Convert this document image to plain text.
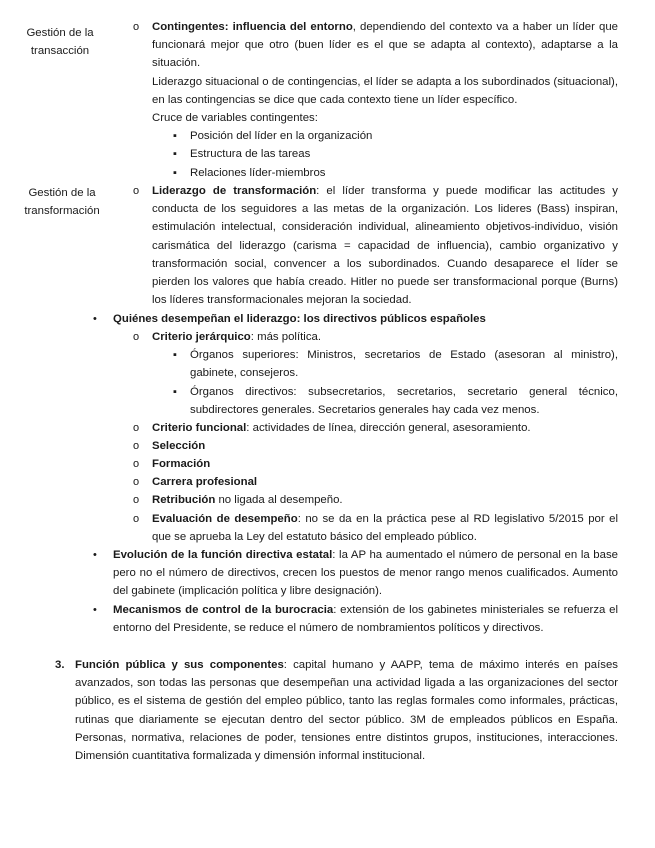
Gestión de la transacción
Gestión de la transformación
o Contingentes: influencia del entorno, dependiendo del contexto va a haber un líder que funcionará mejor que otro (buen líder es el que se adapta al contexto), adaptarse a la situación.
Liderazgo situacional o de contingencias, el líder se adapta a los subordinados (situacional), en las contingencias se dice que cada contexto tiene un líder específico.
Cruce de variables contingentes:
▪ Posición del líder en la organización
▪ Estructura de las tareas
▪ Relaciones líder-miembros
o Liderazgo de transformación: el líder transforma y puede modificar las actitudes y conducta de los seguidores a las metas de la organización. Los lideres (Bass) inspiran, estimulación intelectual, consideración individual, alineamiento objetivos-individuo, visión carismática del liderazgo (carisma = capacidad de influencia), cambio organizativo y transformación social, convencer a los subordinados. Cuando desaparece el líder se pierden los valores que había creado. Hitler no puede ser transformacional porque (Burns) los líderes transformacionales mejoran la sociedad.
• Quiénes desempeñan el liderazgo: los directivos públicos españoles
o Criterio jerárquico: más política.
▪ Órganos superiores: Ministros, secretarios de Estado (asesoran al ministro), gabinete, consejeros.
▪ Órganos directivos: subsecretarios, secretarios, secretario general técnico, subdirectores generales. Secretarios generales hay cada vez menos.
o Criterio funcional: actividades de línea, dirección general, asesoramiento.
o Selección
o Formación
o Carrera profesional
o Retribución no ligada al desempeño.
o Evaluación de desempeño: no se da en la práctica pese al RD legislativo 5/2015 por el que se aprueba la Ley del estatuto básico del empleado público.
• Evolución de la función directiva estatal: la AP ha aumentado el número de personal en la base pero no el número de directivos, crecen los puestos de menor rango menos cualificados. Aumento del gabinete (implicación política y libre designación).
• Mecanismos de control de la burocracia: extensión de los gabinetes ministeriales se refuerza el entorno del Presidente, se reduce el número de nombramientos políticos y directivos.
3. Función pública y sus componentes: capital humano y AAPP, tema de máximo interés en países avanzados, son todas las personas que desempeñan una actividad ligada a las organizaciones del sector público, es el sistema de gestión del empleo público, tanto las reglas formales como informales, prácticas, rutinas que diariamente se ejecutan dentro del sector público. 3M de empleados públicos en España. Personas, normativa, relaciones de poder, tensiones entre distintos grupos, instituciones, interacciones. Dimensión cuantitativa formalizada y dimensión informal institucional.
